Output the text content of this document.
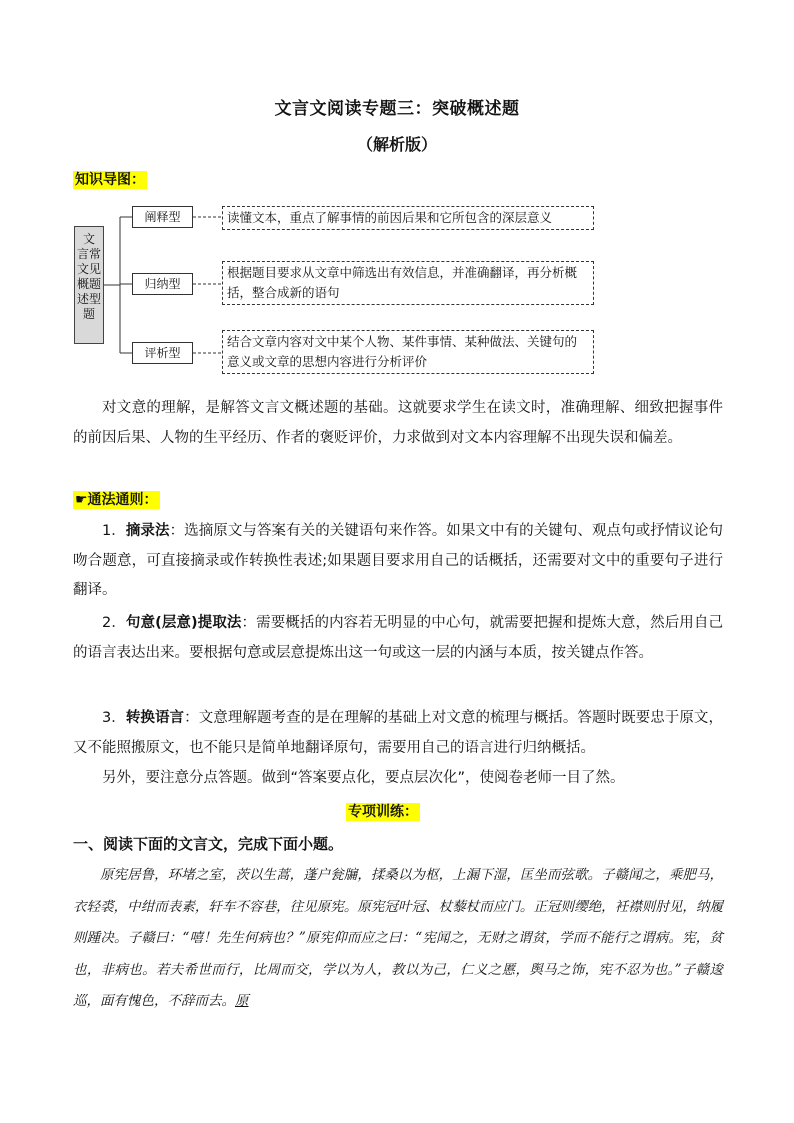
文言文阅读专题三：突破概述题
（解析版）
知识导图：
文
言常
文见
概题
述型
题
阐释型
归纳型
评析型
读懂文本，重点了解事情的前因后果和它所包含的深层意义
根据题目要求从文章中筛选出有效信息，并准确翻译，再分析概括，整合成新的语句
结合文章内容对文中某个人物、某件事情、某种做法、关键句的意义或文章的思想内容进行分析评价
对文意的理解，是解答文言文概述题的基础。这就要求学生在读文时，准确理解、细致把握事件的前因后果、人物的生平经历、作者的褒贬评价，力求做到对文本内容理解不出现失误和偏差。
☛通法通则：
1．摘录法：选摘原文与答案有关的关键语句来作答。如果文中有的关键句、观点句或抒情议论句吻合题意，可直接摘录或作转换性表述;如果题目要求用自己的话概括，还需要对文中的重要句子进行翻译。
2．句意(层意)提取法：需要概括的内容若无明显的中心句，就需要把握和提炼大意，然后用自己的语言表达出来。要根据句意或层意提炼出这一句或这一层的内涵与本质，按关键点作答。
3．转换语言：文意理解题考查的是在理解的基础上对文意的梳理与概括。答题时既要忠于原文，又不能照搬原文，也不能只是简单地翻译原句，需要用自己的语言进行归纳概括。
另外，要注意分点答题。做到“答案要点化，要点层次化”，使阅卷老师一目了然。
专项训练：
一、阅读下面的文言文，完成下面小题。
原宪居鲁，环堵之室，茨以生蒿，蓬户瓮牖，揉桑以为枢，上漏下湿，匡坐而弦歌。子赣闻之，乘肥马，衣轻裘，中绀而表素，轩车不容巷，往见原宪。原宪冠叶冠、杖藜杖而应门。正冠则缨绝，衽襟则肘见，纳履则踵决。子赣曰：“嘻！先生何病也？”原宪仰而应之曰：“宪闻之，无财之谓贫，学而不能行之谓病。宪，贫也，非病也。若夫希世而行，比周而交，学以为人，教以为己，仁义之慝，舆马之饰，宪不忍为也。”子赣逡巡，面有愧色，不辞而去。原
